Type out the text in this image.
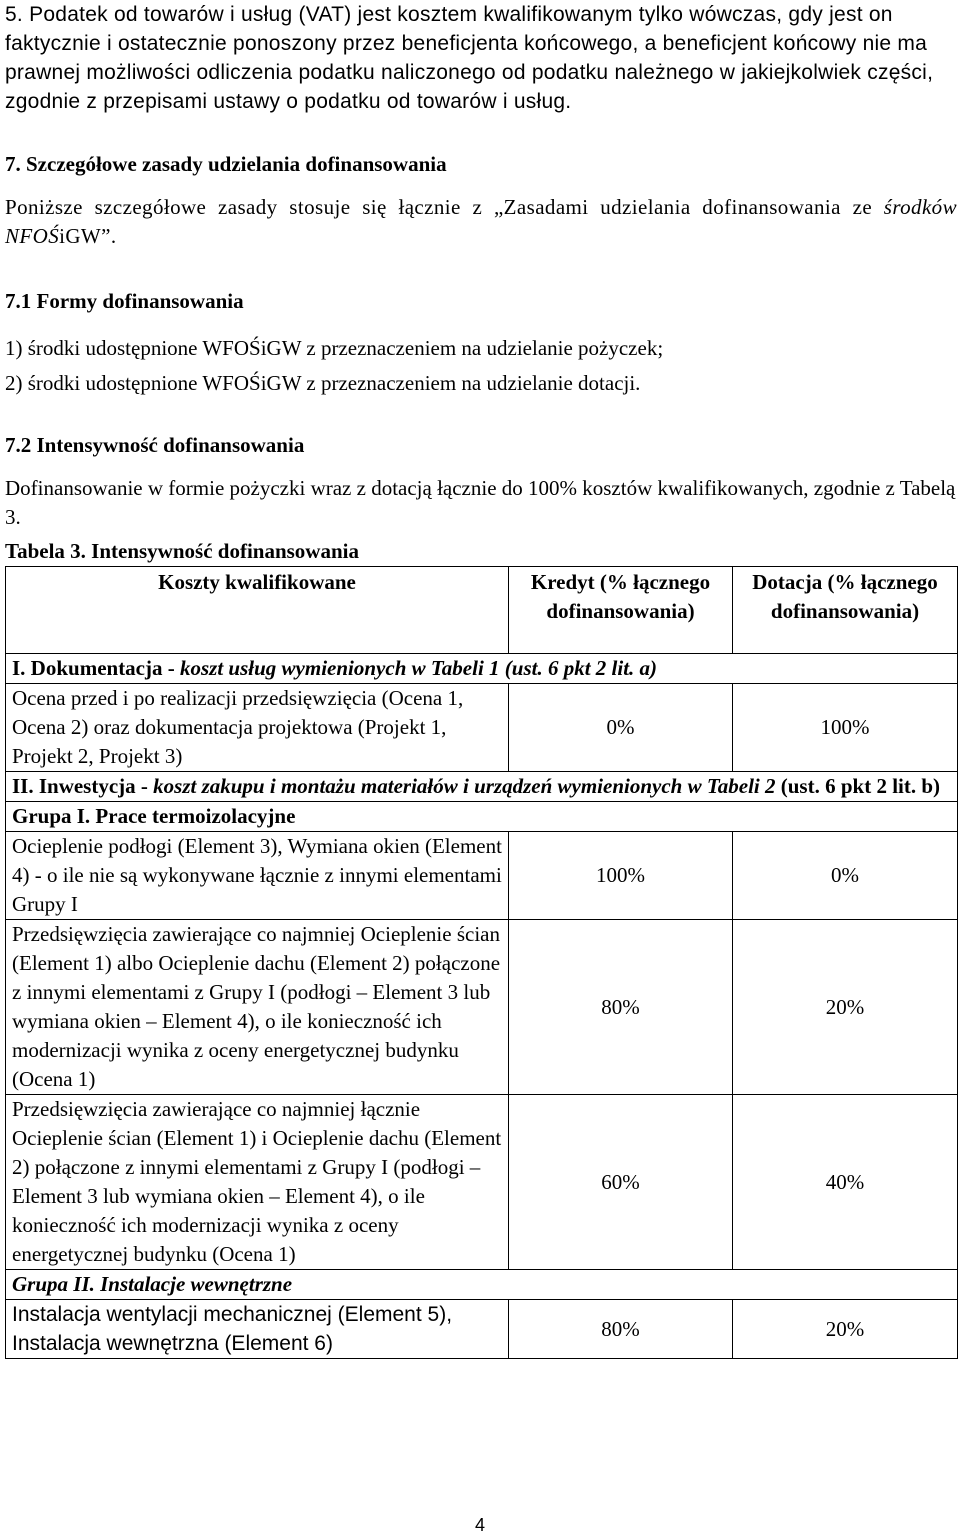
5. Podatek od towarów i usług (VAT) jest kosztem kwalifikowanym tylko wówczas, gdy jest on faktycznie i ostatecznie ponoszony przez beneficjenta końcowego, a beneficjent końcowy nie ma prawnej możliwości odliczenia podatku naliczonego od podatku należnego w jakiejkolwiek części, zgodnie z przepisami ustawy o podatku od towarów i usług.

7. Szczegółowe zasady udzielania dofinansowania

Poniższe szczegółowe zasady stosuje się łącznie z „Zasadami udzielania dofinansowania ze środków NFOŚiGW”.

7.1 Formy dofinansowania

1) środki udostępnione WFOŚiGW z przeznaczeniem na udzielanie pożyczek;

2) środki udostępnione WFOŚiGW z przeznaczeniem na udzielanie dotacji.

7.2 Intensywność dofinansowania

Dofinansowanie w formie pożyczki wraz z dotacją łącznie do 100% kosztów kwalifikowanych, zgodnie z Tabelą 3.

Tabela 3. Intensywność dofinansowania

Koszty kwalifikowane	Kredyt (% łącznego dofinansowania)	Dotacja (% łącznego dofinansowania)
I. Dokumentacja - koszt usług wymienionych w Tabeli 1 (ust. 6 pkt 2 lit. a)		
Ocena przed i po realizacji przedsięwzięcia (Ocena 1, Ocena 2) oraz dokumentacja projektowa (Projekt 1, Projekt 2, Projekt 3)	0%	100%
II. Inwestycja - koszt zakupu i montażu materiałów i urządzeń wymienionych w Tabeli 2 (ust. 6 pkt 2 lit. b)		
Grupa I. Prace termoizolacyjne		
Ocieplenie podłogi (Element 3), Wymiana okien (Element 4) - o ile nie są wykonywane łącznie z innymi elementami Grupy I	100%	0%
Przedsięwzięcia zawierające co najmniej Ocieplenie ścian (Element 1) albo Ocieplenie dachu (Element 2) połączone z innymi elementami z Grupy I (podłogi – Element 3 lub wymiana okien – Element 4), o ile konieczność ich modernizacji wynika z oceny energetycznej budynku (Ocena 1)	80%	20%
Przedsięwzięcia zawierające co najmniej łącznie Ocieplenie ścian (Element 1) i Ocieplenie dachu (Element 2) połączone z innymi elementami z Grupy I (podłogi – Element 3 lub wymiana okien – Element 4), o ile konieczność ich modernizacji wynika z oceny energetycznej budynku (Ocena 1)	60%	40%
Grupa II. Instalacje wewnętrzne		
Instalacja wentylacji mechanicznej (Element 5), Instalacja wewnętrzna (Element 6)	80%	20%
4
